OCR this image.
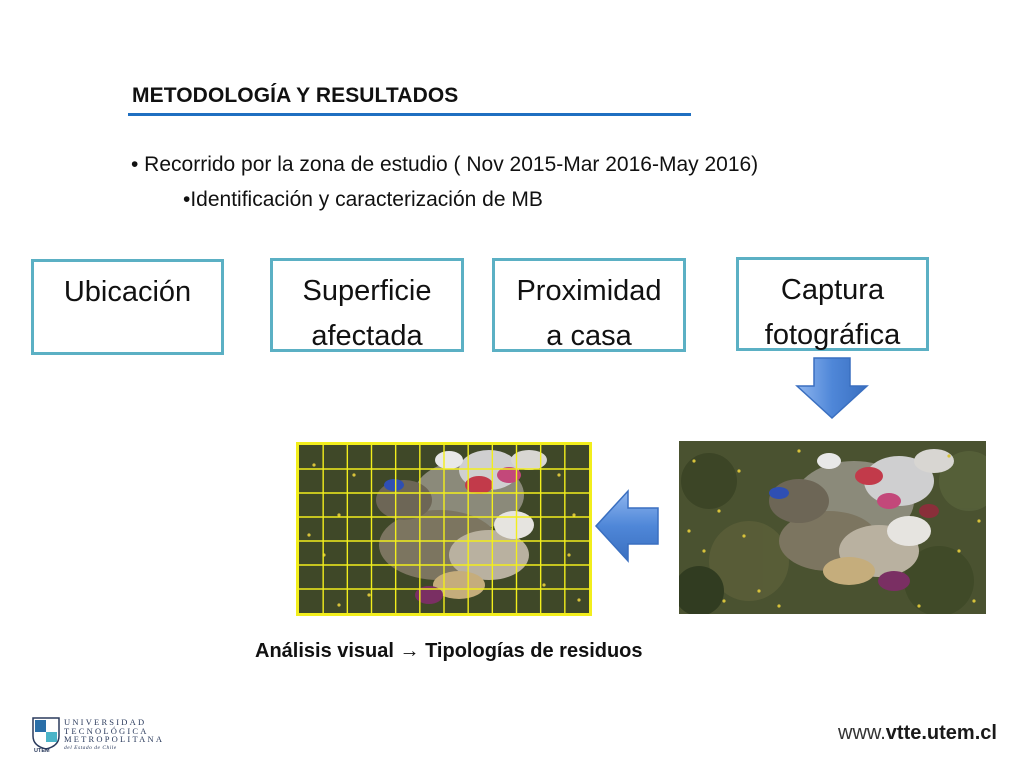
METODOLOGÍA Y RESULTADOS
• Recorrido por la zona de estudio ( Nov 2015-Mar 2016-May 2016)
•Identificación y caracterización de MB
Ubicación	Superficie
afectada
Proximidad
a casa
Captura
fotográfica
Análisis visual → Tipologías de residuos
UTEM
UNIVERSIDAD
TECNOLÓGICA
METROPOLITANA
del Estado de Chile
www.vtte.utem.cl
